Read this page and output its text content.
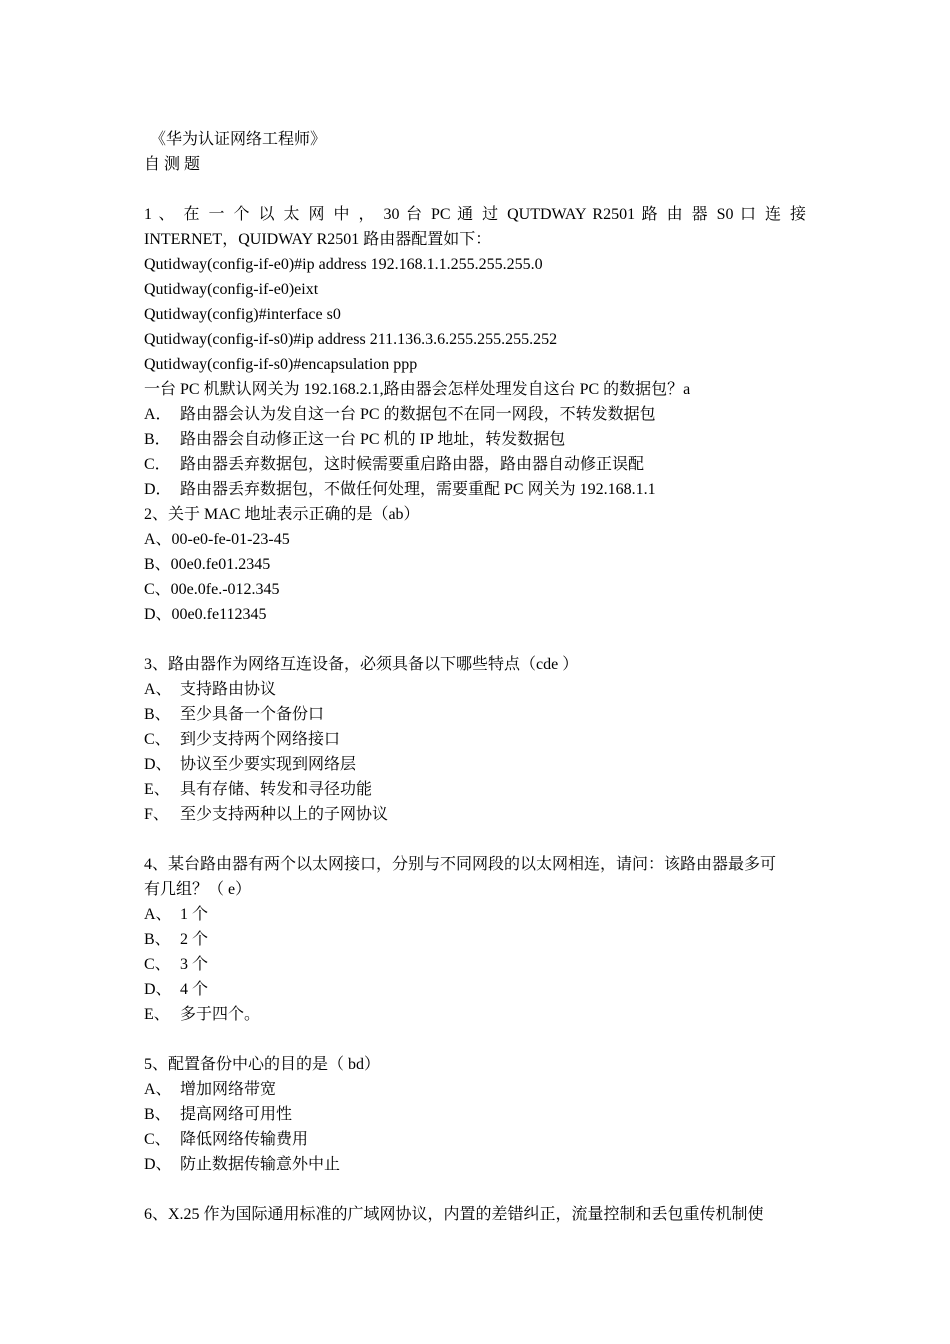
《华为认证网络工程师》
自 测 题
1 、 在 一 个 以 太 网 中 ， 30 台 PC 通 过 QUTDWAY R2501 路 由 器 S0 口 连 接
INTERNET，QUIDWAY R2501 路由器配置如下：
Qutidway(config-if-e0)#ip address 192.168.1.1.255.255.255.0
Qutidway(config-if-e0)eixt
Qutidway(config)#interface s0
Qutidway(config-if-s0)#ip address 211.136.3.6.255.255.255.252
Qutidway(config-if-s0)#encapsulation ppp
一台 PC 机默认网关为 192.168.2.1,路由器会怎样处理发自这台 PC 的数据包？a
A． 路由器会认为发自这一台 PC 的数据包不在同一网段，不转发数据包
B． 路由器会自动修正这一台 PC 机的 IP 地址，转发数据包
C． 路由器丢弃数据包，这时候需要重启路由器，路由器自动修正误配
D． 路由器丢弃数据包，不做任何处理，需要重配 PC 网关为 192.168.1.1
2、关于 MAC 地址表示正确的是（ab）
A、00-e0-fe-01-23-45
B、00e0.fe01.2345
C、00e.0fe.-012.345
D、00e0.fe112345
3、路由器作为网络互连设备，必须具备以下哪些特点（cde ）
A、 支持路由协议
B、 至少具备一个备份口
C、 到少支持两个网络接口
D、 协议至少要实现到网络层
E、 具有存储、转发和寻径功能
F、 至少支持两种以上的子网协议
4、某台路由器有两个以太网接口，分别与不同网段的以太网相连，请问：该路由器最多可
有几组？（ e）
A、 1 个
B、 2 个
C、 3 个
D、 4 个
E、 多于四个。
5、配置备份中心的目的是（ bd）
A、 增加网络带宽
B、 提高网络可用性
C、 降低网络传输费用
D、 防止数据传输意外中止
6、X.25 作为国际通用标准的广域网协议，内置的差错纠正，流量控制和丢包重传机制使
